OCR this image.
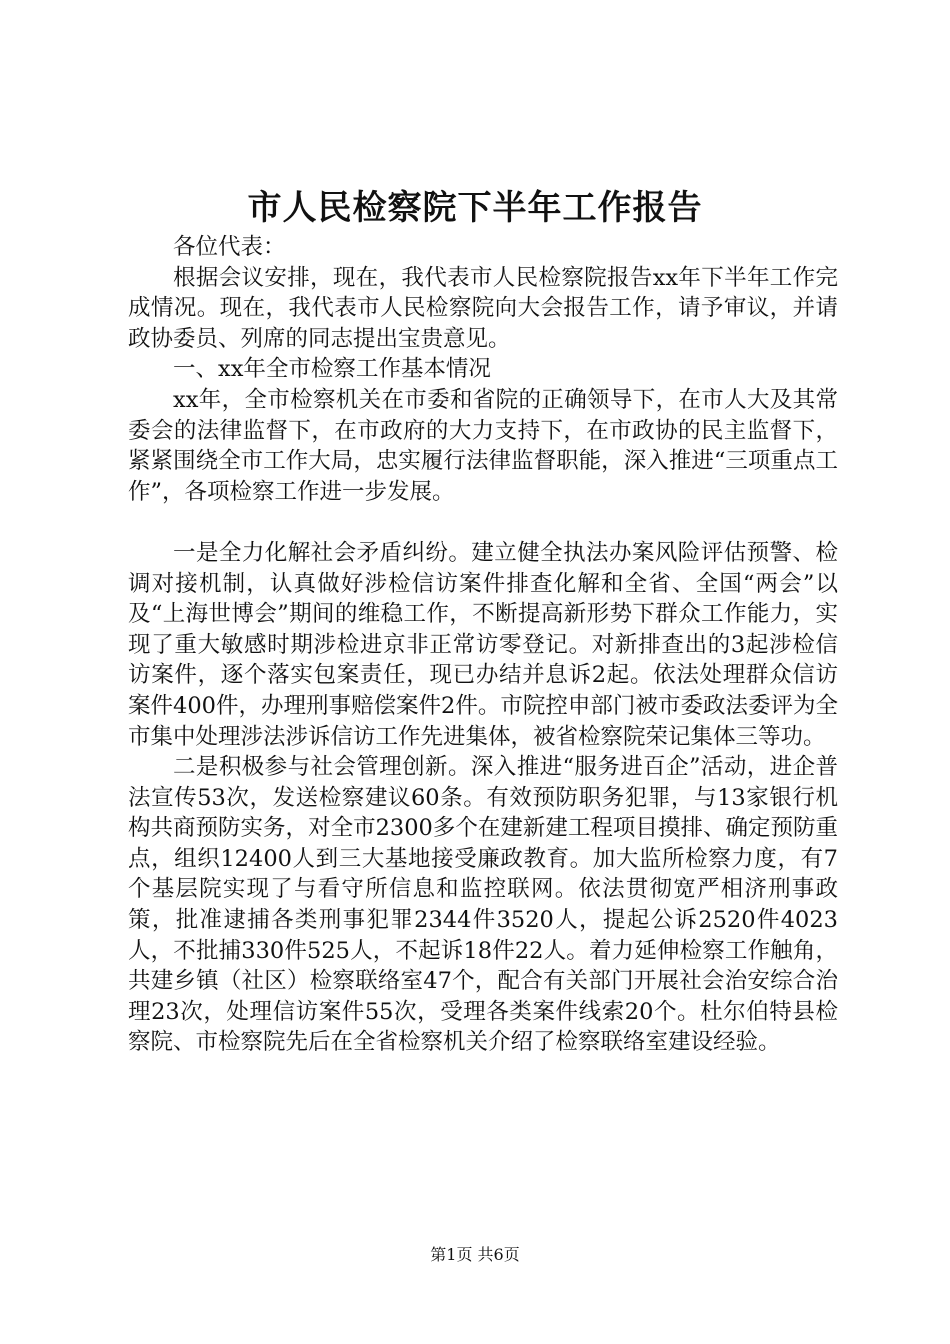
市人民检察院下半年工作报告

各位代表：

根据会议安排，现在，我代表市人民检察院报告xx年下半年工作完成情况。现在，我代表市人民检察院向大会报告工作，请予审议，并请政协委员、列席的同志提出宝贵意见。

一、xx年全市检察工作基本情况

xx年，全市检察机关在市委和省院的正确领导下，在市人大及其常委会的法律监督下，在市政府的大力支持下，在市政协的民主监督下，紧紧围绕全市工作大局，忠实履行法律监督职能，深入推进“三项重点工作”，各项检察工作进一步发展。

一是全力化解社会矛盾纠纷。建立健全执法办案风险评估预警、检调对接机制，认真做好涉检信访案件排查化解和全省、全国“两会”以及“上海世博会”期间的维稳工作，不断提高新形势下群众工作能力，实现了重大敏感时期涉检进京非正常访零登记。对新排查出的3起涉检信访案件，逐个落实包案责任，现已办结并息诉2起。依法处理群众信访案件400件，办理刑事赔偿案件2件。市院控申部门被市委政法委评为全市集中处理涉法涉诉信访工作先进集体，被省检察院荣记集体三等功。

二是积极参与社会管理创新。深入推进“服务进百企”活动，进企普法宣传53次，发送检察建议60条。有效预防职务犯罪，与13家银行机构共商预防实务，对全市2300多个在建新建工程项目摸排、确定预防重点，组织12400人到三大基地接受廉政教育。加大监所检察力度，有7个基层院实现了与看守所信息和监控联网。依法贯彻宽严相济刑事政策，批准逮捕各类刑事犯罪2344件3520人，提起公诉2520件4023人，不批捕330件525人，不起诉18件22人。着力延伸检察工作触角，共建乡镇（社区）检察联络室47个，配合有关部门开展社会治安综合治理23次，处理信访案件55次，受理各类案件线索20个。杜尔伯特县检察院、市检察院先后在全省检察机关介绍了检察联络室建设经验。

第1页 共6页
